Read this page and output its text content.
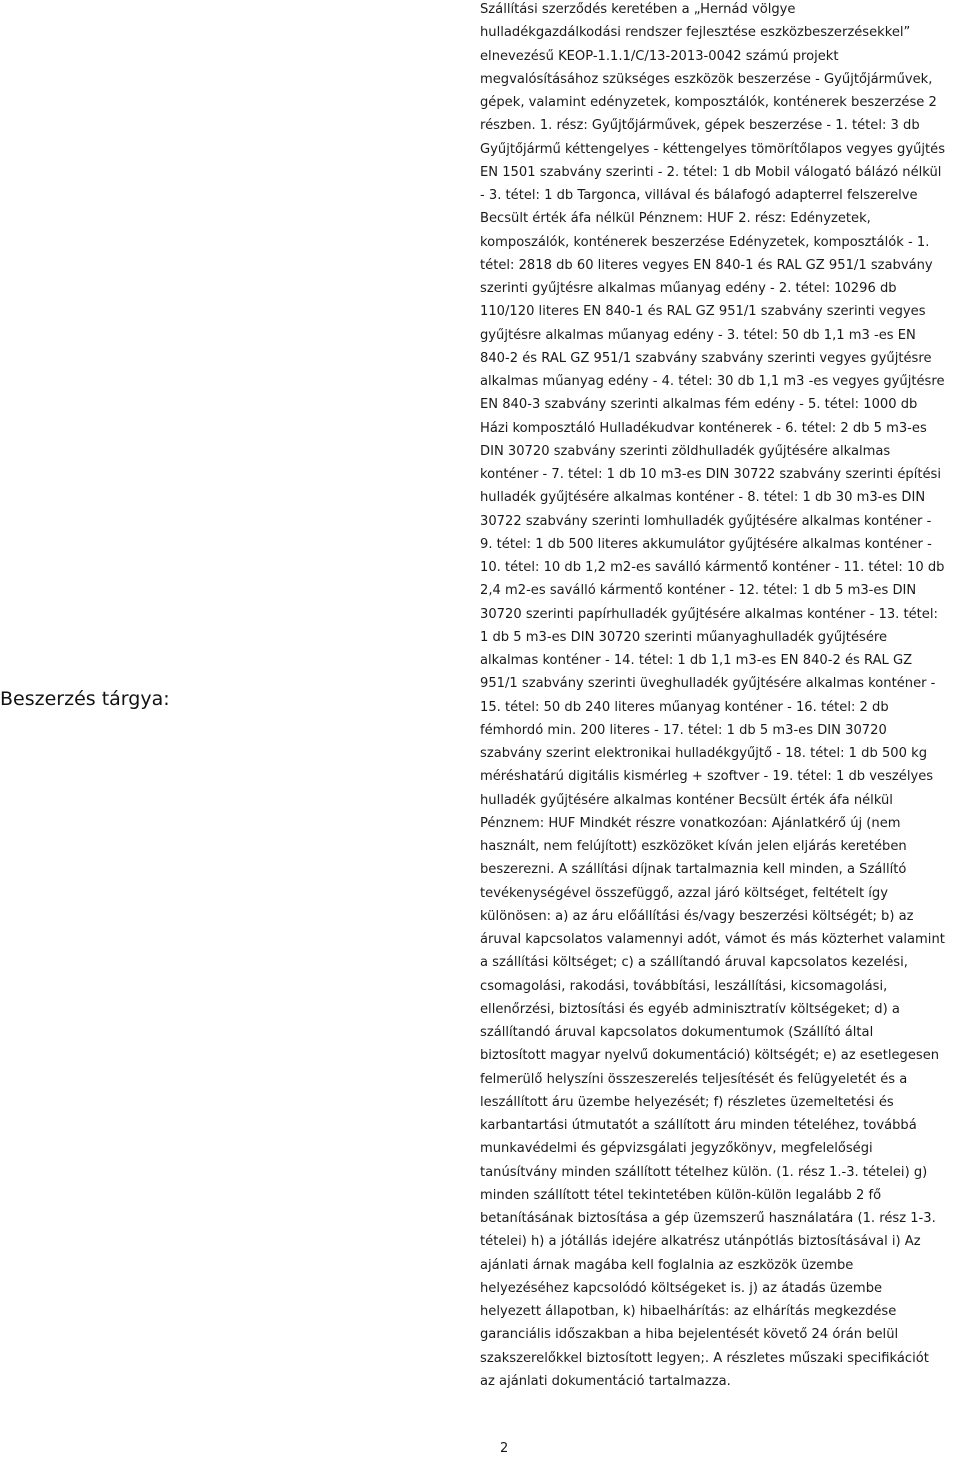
Beszerzés tárgya:
Szállítási szerződés keretében a „Hernád völgye
hulladékgazdálkodási rendszer fejlesztése eszközbeszerzésekkel”
elnevezésű KEOP-1.1.1/C/13-2013-0042 számú projekt
megvalósításához szükséges eszközök beszerzése - Gyűjtőjárművek,
gépek, valamint edényzetek, komposztálók, konténerek beszerzése 2
részben. 1. rész: Gyűjtőjárművek, gépek beszerzése - 1. tétel: 3 db
Gyűjtőjármű kéttengelyes - kéttengelyes tömörítőlapos vegyes gyűjtés
EN 1501 szabvány szerinti - 2. tétel: 1 db Mobil válogató bálázó nélkül
- 3. tétel: 1 db Targonca, villával és bálafogó adapterrel felszerelve
Becsült érték áfa nélkül Pénznem: HUF 2. rész: Edényzetek,
komposzálók, konténerek beszerzése Edényzetek, komposztálók - 1.
tétel: 2818 db 60 literes vegyes EN 840-1 és RAL GZ 951/1 szabvány
szerinti gyűjtésre alkalmas műanyag edény - 2. tétel: 10296 db
110/120 literes EN 840-1 és RAL GZ 951/1 szabvány szerinti vegyes
gyűjtésre alkalmas műanyag edény - 3. tétel: 50 db 1,1 m3 -es EN
840-2 és RAL GZ 951/1 szabvány szabvány szerinti vegyes gyűjtésre
alkalmas műanyag edény - 4. tétel: 30 db 1,1 m3 -es vegyes gyűjtésre
EN 840-3 szabvány szerinti alkalmas fém edény - 5. tétel: 1000 db
Házi komposztáló Hulladékudvar konténerek - 6. tétel: 2 db 5 m3-es
DIN 30720 szabvány szerinti zöldhulladék gyűjtésére alkalmas
konténer - 7. tétel: 1 db 10 m3-es DIN 30722 szabvány szerinti építési
hulladék gyűjtésére alkalmas konténer - 8. tétel: 1 db 30 m3-es DIN
30722 szabvány szerinti lomhulladék gyűjtésére alkalmas konténer -
9. tétel: 1 db 500 literes akkumulátor gyűjtésére alkalmas konténer -
10. tétel: 10 db 1,2 m2-es saválló kármentő konténer - 11. tétel: 10 db
2,4 m2-es saválló kármentő konténer - 12. tétel: 1 db 5 m3-es DIN
30720 szerinti papírhulladék gyűjtésére alkalmas konténer - 13. tétel:
1 db 5 m3-es DIN 30720 szerinti műanyaghulladék gyűjtésére
alkalmas konténer - 14. tétel: 1 db 1,1 m3-es EN 840-2 és RAL GZ
951/1 szabvány szerinti üveghulladék gyűjtésére alkalmas konténer -
15. tétel: 50 db 240 literes műanyag konténer - 16. tétel: 2 db
fémhordó min. 200 literes - 17. tétel: 1 db 5 m3-es DIN 30720
szabvány szerint elektronikai hulladékgyűjtő - 18. tétel: 1 db 500 kg
méréshatárú digitális kismérleg + szoftver - 19. tétel: 1 db veszélyes
hulladék gyűjtésére alkalmas konténer Becsült érték áfa nélkül
Pénznem: HUF Mindkét részre vonatkozóan: Ajánlatkérő új (nem
használt, nem felújított) eszközöket kíván jelen eljárás keretében
beszerezni. A szállítási díjnak tartalmaznia kell minden, a Szállító
tevékenységével összefüggő, azzal járó költséget, feltételt így
különösen: a) az áru előállítási és/vagy beszerzési költségét; b) az
áruval kapcsolatos valamennyi adót, vámot és más közterhet valamint
a szállítási költséget; c) a szállítandó áruval kapcsolatos kezelési,
csomagolási, rakodási, továbbítási, leszállítási, kicsomagolási,
ellenőrzési, biztosítási és egyéb adminisztratív költségeket; d) a
szállítandó áruval kapcsolatos dokumentumok (Szállító által
biztosított magyar nyelvű dokumentáció) költségét; e) az esetlegesen
felmerülő helyszíni összeszerelés teljesítését és felügyeletét és a
leszállított áru üzembe helyezését; f) részletes üzemeltetési és
karbantartási útmutatót a szállított áru minden tételéhez, továbbá
munkavédelmi és gépvizsgálati jegyzőkönyv, megfelelőségi
tanúsítvány minden szállított tételhez külön. (1. rész 1.-3. tételei) g)
minden szállított tétel tekintetében külön-külön legalább 2 fő
betanításának biztosítása a gép üzemszerű használatára (1. rész 1-3.
tételei) h) a jótállás idejére alkatrész utánpótlás biztosításával i) Az
ajánlati árnak magába kell foglalnia az eszközök üzembe
helyezéséhez kapcsolódó költségeket is. j) az átadás üzembe
helyezett állapotban, k) hibaelhárítás: az elhárítás megkezdése
garanciális időszakban a hiba bejelentését követő 24 órán belül
szakszerelőkkel biztosított legyen;. A részletes műszaki specifikációt
az ajánlati dokumentáció tartalmazza.
2
